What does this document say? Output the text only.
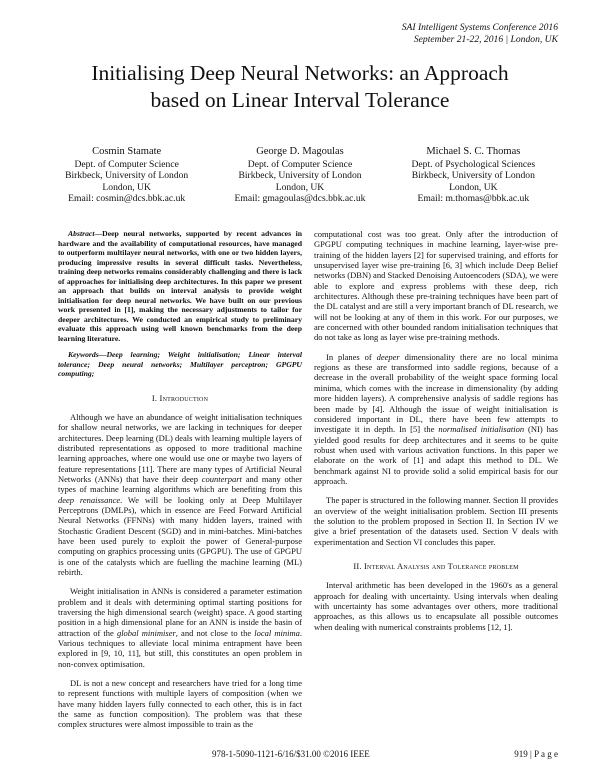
SAI Intelligent Systems Conference 2016
September 21-22, 2016 | London, UK
Initialising Deep Neural Networks: an Approach
based on Linear Interval Tolerance
Cosmin Stamate
Dept. of Computer Science
Birkbeck, University of London
London, UK
Email: cosmin@dcs.bbk.ac.uk
George D. Magoulas
Dept. of Computer Science
Birkbeck, University of London
London, UK
Email: gmagoulas@dcs.bbk.ac.uk
Michael S. C. Thomas
Dept. of Psychological Sciences
Birkbeck, University of London
London, UK
Email: m.thomas@bbk.ac.uk

Abstract—Deep neural networks, supported by recent advances in hardware and the availability of computational resources, have managed to outperform multilayer neural networks, with one or two hidden layers, producing impressive results in several difficult tasks. Nevertheless, training deep networks remains considerably challenging and there is lack of approaches for initialising deep architectures. In this paper we present an approach that builds on interval analysis to provide weight initialisation for deep neural networks. We have built on our previous work presented in [1], making the necessary adjustments to tailor for deeper architectures. We conducted an empirical study to preliminary evaluate this approach using well known benchmarks from the deep learning literature.

Keywords—Deep learning; Weight initialisation; Linear interval tolerance; Deep neural networks; Multilayer perceptron; GPGPU computing;

I. Introduction

Although we have an abundance of weight initialisation techniques for shallow neural networks, we are lacking in techniques for deeper architectures. Deep learning (DL) deals with learning multiple layers of distributed representations as opposed to more traditional machine learning approaches, where one would use one or maybe two layers of feature representations [11]. There are many types of Artificial Neural Networks (ANNs) that have their deep counterpart and many other types of machine learning algorithms which are benefiting from this deep renaissance. We will be looking only at Deep Multilayer Perceptrons (DMLPs), which in essence are Feed Forward Artificial Neural Networks (FFNNs) with many hidden layers, trained with Stochastic Gradient Descent (SGD) and in mini-batches. Mini-batches have been used purely to exploit the power of General-purpose computing on graphics processing units (GPGPU). The use of GPGPU is one of the catalysts which are fuelling the machine learning (ML) rebirth.

Weight initialisation in ANNs is considered a parameter estimation problem and it deals with determining optimal starting positions for traversing the high dimensional search (weight) space. A good starting position in a high dimensional plane for an ANN is inside the basin of attraction of the global minimiser, and not close to the local minima. Various techniques to alleviate local minima entrapment have been explored in [9, 10, 11], but still, this constitutes an open problem in non-convex optimisation.

DL is not a new concept and researchers have tried for a long time to represent functions with multiple layers of composition (when we have many hidden layers fully connected to each other, this is in fact the same as function composition). The problem was that these complex structures were almost impossible to train as the

computational cost was too great. Only after the introduction of GPGPU computing techniques in machine learning, layer-wise pre-training of the hidden layers [2] for supervised training, and efforts for unsupervised layer wise pre-training [6, 3] which include Deep Belief networks (DBN) and Stacked Denoising Autoencoders (SDA), we were able to explore and express problems with these deep, rich architectures. Although these pre-training techniques have been part of the DL catalyst and are still a very important branch of DL research, we will not be looking at any of them in this work. For our purposes, we are concerned with other bounded random initialisation techniques that do not take as long as layer wise pre-training methods.

In planes of deeper dimensionality there are no local minima regions as these are transformed into saddle regions, because of a decrease in the overall probability of the weight space forming local minima, which comes with the increase in dimensionality (by adding more hidden layers). A comprehensive analysis of saddle regions has been made by [4]. Although the issue of weight initialisation is considered important in DL, there have been few attempts to investigate it in depth. In [5] the normalised initialisation (NI) has yielded good results for deep architectures and it seems to be quite robust when used with various activation functions. In this paper we elaborate on the work of [1] and adapt this method to DL. We benchmark against NI to provide solid a solid empirical basis for our approach.

The paper is structured in the following manner. Section II provides an overview of the weight initialisation problem. Section III presents the solution to the problem proposed in Section II. In Section IV we give a brief presentation of the datasets used. Section V deals with experimentation and Section VI concludes this paper.

II. Interval Analysis and Tolerance problem

Interval arithmetic has been developed in the 1960's as a general approach for dealing with uncertainty. Using intervals when dealing with uncertainty has some advantages over others, more traditional approaches, as this allows us to encapsulate all possible outcomes when dealing with numerical constraints problems [12, 1].

978-1-5090-1121-6/16/$31.00 ©2016 IEEE	919 | P a g e
